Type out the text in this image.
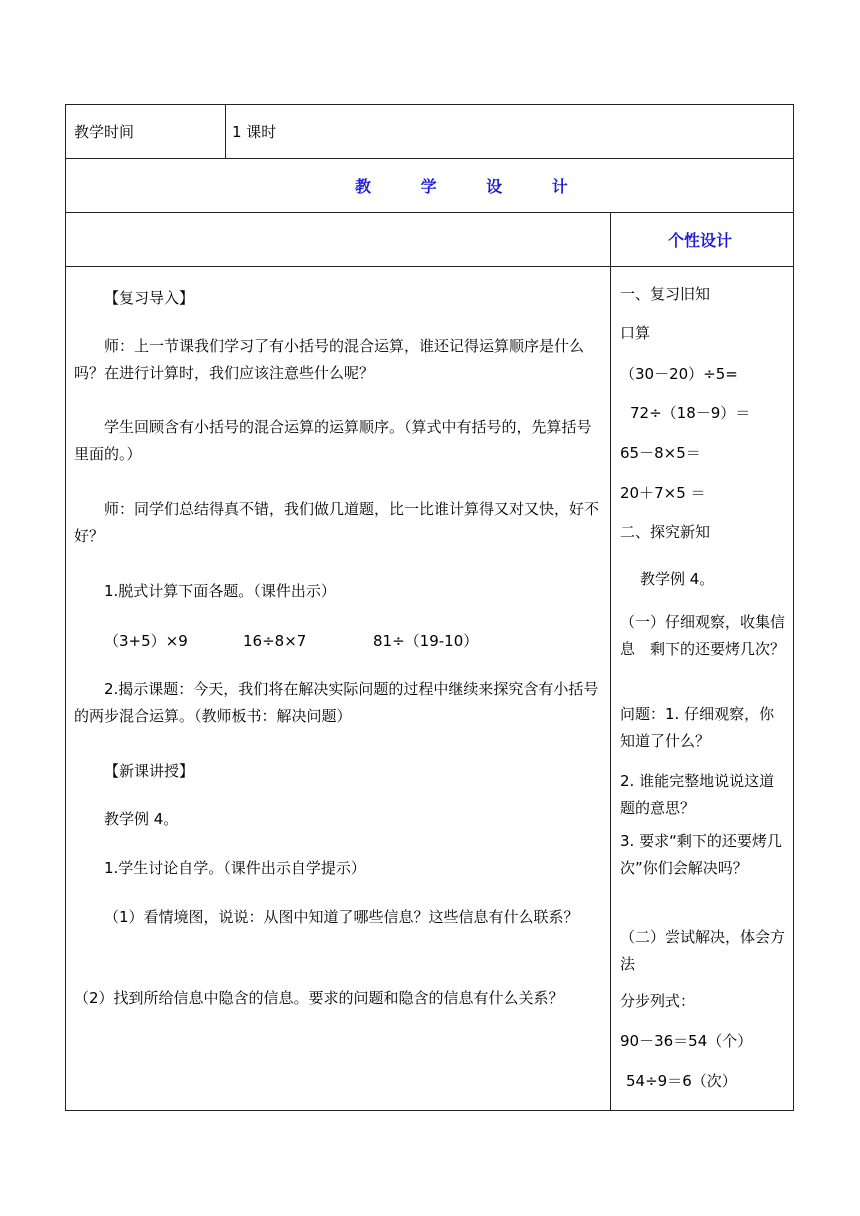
教学时间	1 课时
教 学 设 计
个性设计

【复习导入】

师：上一节课我们学习了有小括号的混合运算，谁还记得运算顺序是什么吗？在进行计算时，我们应该注意些什么呢？

学生回顾含有小括号的混合运算的运算顺序。（算式中有括号的，先算括号里面的。）

师：同学们总结得真不错，我们做几道题，比一比谁计算得又对又快，好不好？

1.脱式计算下面各题。（课件出示）

（3+5）×9	16÷8×7	81÷（19-10）

2.揭示课题：今天，我们将在解决实际问题的过程中继续来探究含有小括号的两步混合运算。（教师板书：解决问题）

【新课讲授】

教学例 4。

1.学生讨论自学。（课件出示自学提示）

（1）看情境图，说说：从图中知道了哪些信息？这些信息有什么联系？

（2）找到所给信息中隐含的信息。要求的问题和隐含的信息有什么关系？

一、复习旧知

口算

（30－20）÷5=

72÷（18－9）＝

65－8×5＝

20＋7×5 ＝

二、探究新知

教学例 4。

（一）仔细观察，收集信息　剩下的还要烤几次？

问题：1. 仔细观察，你知道了什么？

2. 谁能完整地说说这道题的意思？

3. 要求“剩下的还要烤几次”你们会解决吗？

（二）尝试解决，体会方法

分步列式：

90－36＝54（个）

54÷9＝6（次）
